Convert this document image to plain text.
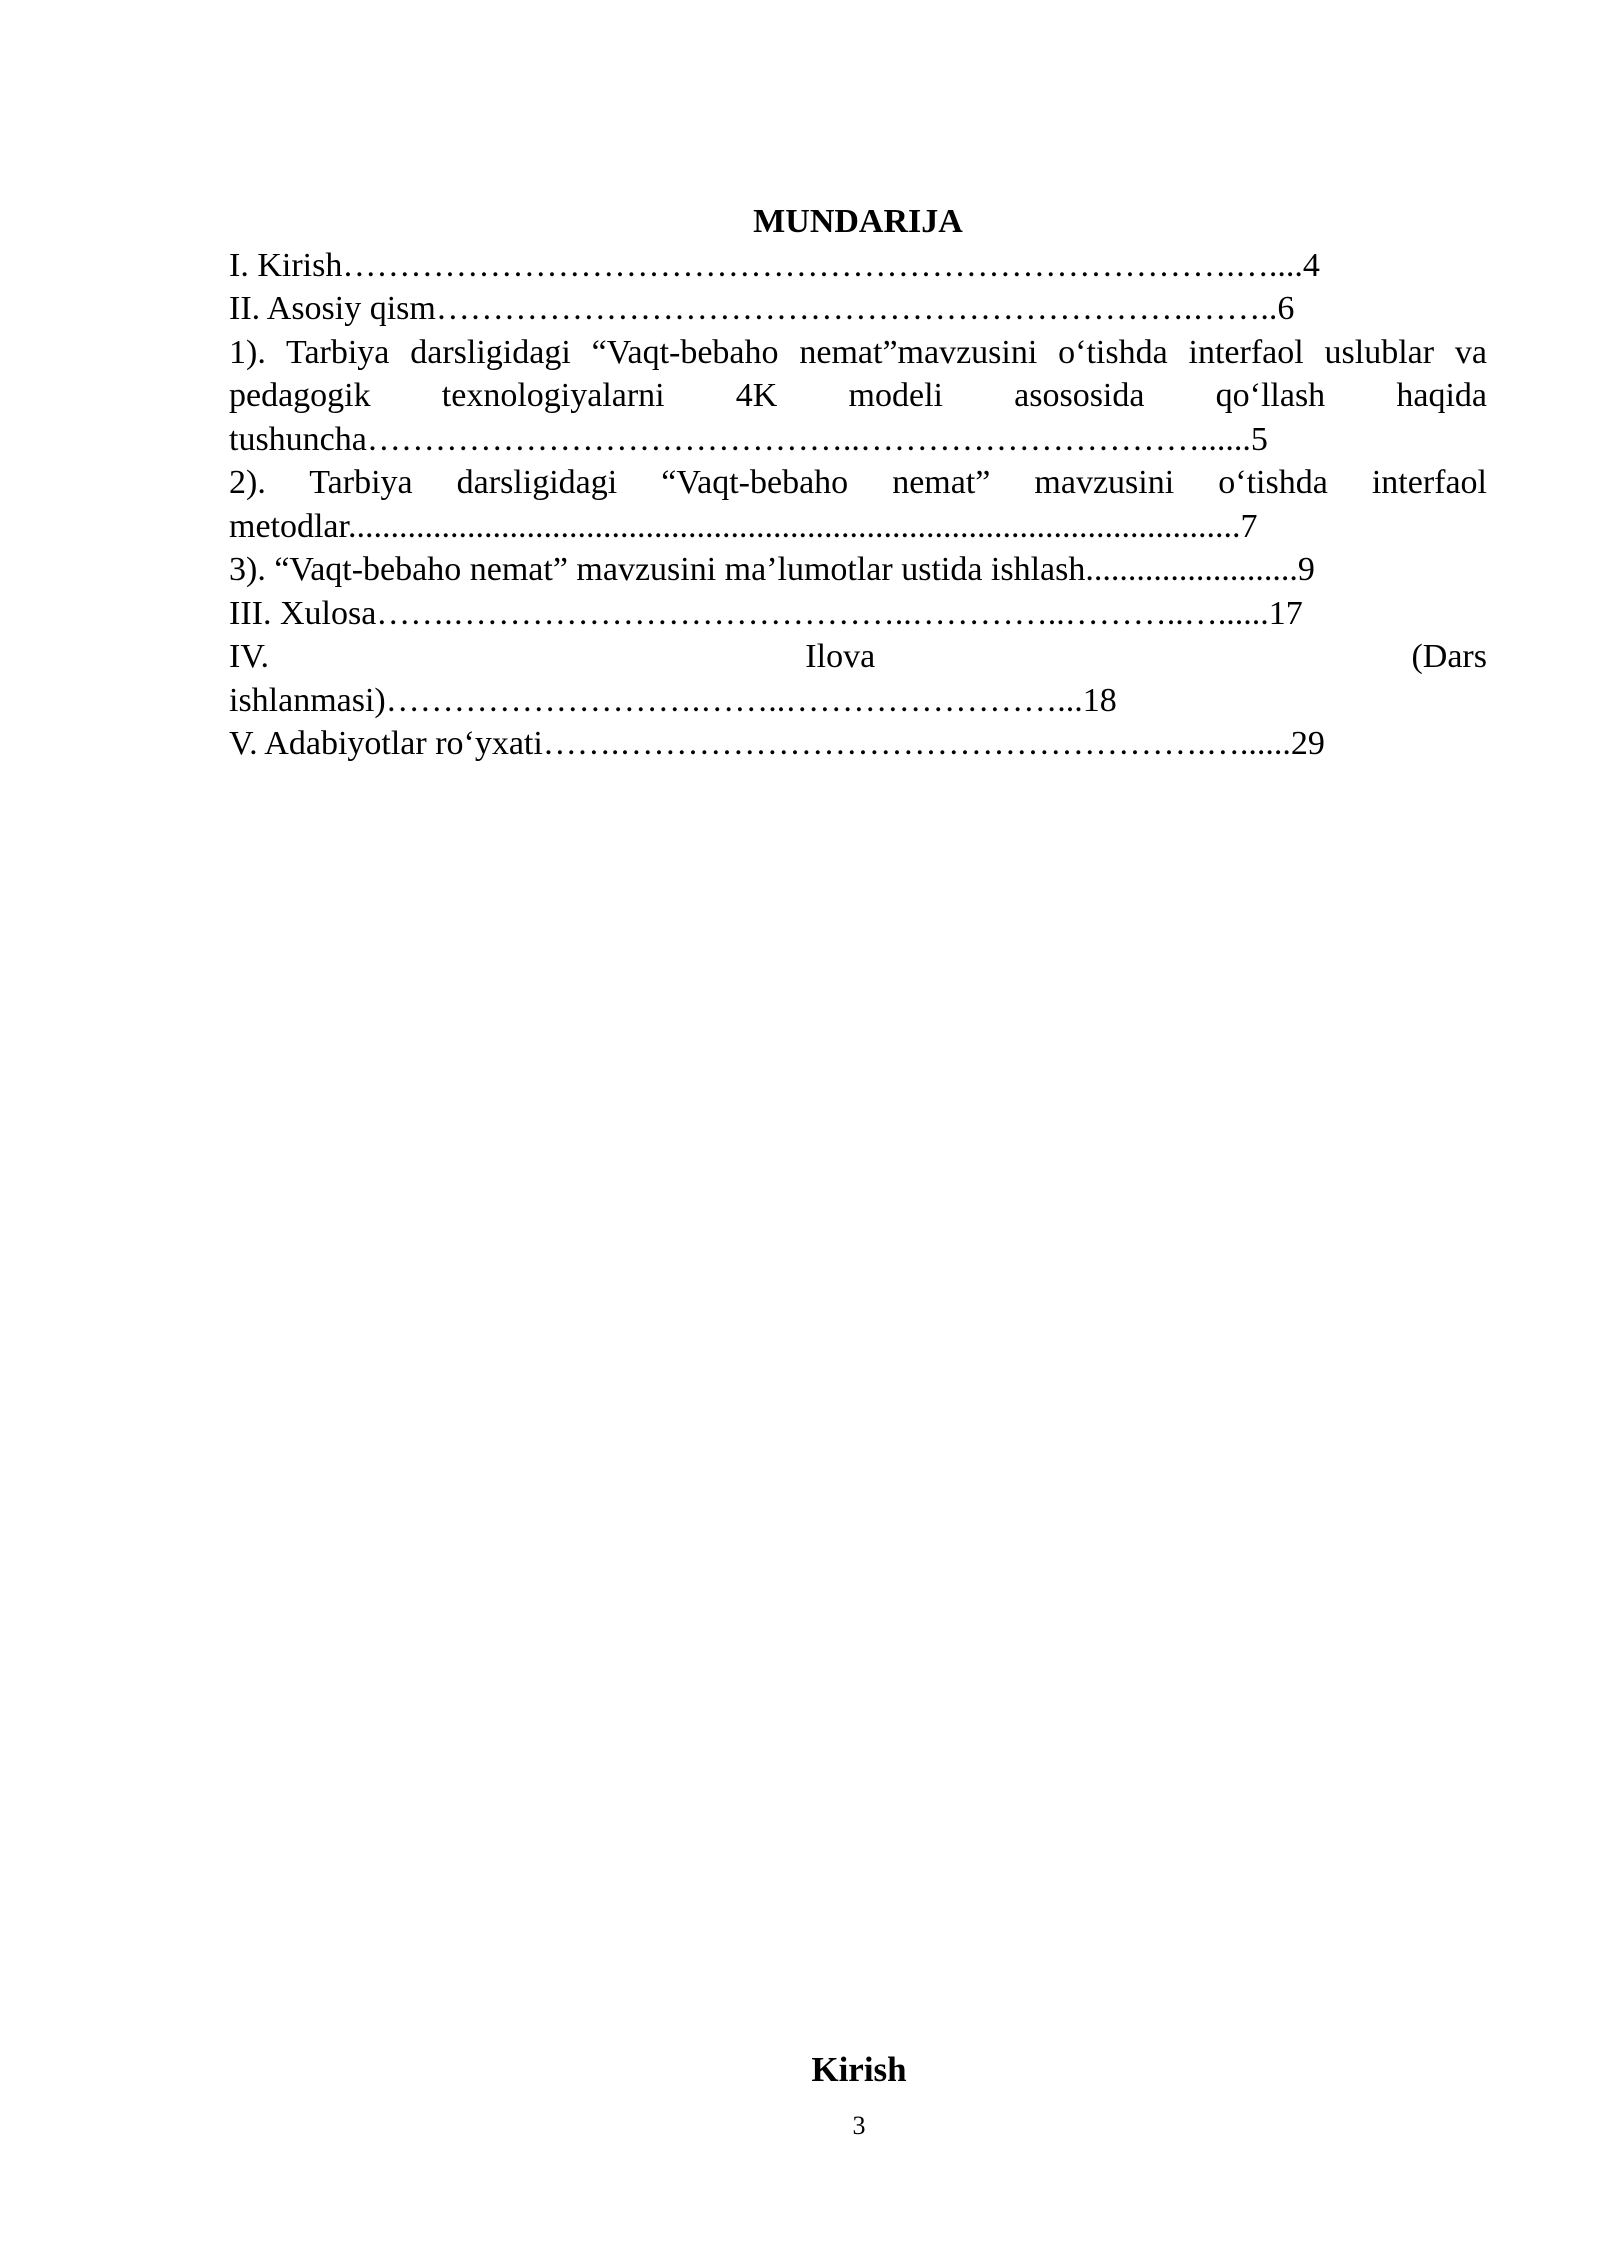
MUNDARIJA
I. Kirish…………………………………………………………………….…....4
II. Asosiy qism………………………………………………………….……..6
1). Tarbiya darsligidagi “Vaqt-bebaho nemat”mavzusini o‘tishda interfaol uslublar va pedagogik texnologiyalarni 4K modeli asososida qo‘llash haqida tushuncha……………………………………..…………………………......5
2). Tarbiya darsligidagi “Vaqt-bebaho nemat” mavzusini o‘tishda interfaol metodlar.........................................................................................................7
3). “Vaqt-bebaho nemat” mavzusini ma’lumotlar ustida ishlash.........................9
III. Xulosa…….…………………………………..…………..………..…......17
IV.	Ilova	(Dars
ishlanmasi)……………………….……..……………………...18
V. Adabiyotlar ro‘yxati…….…………………………………………….…......29
Kirish
3
